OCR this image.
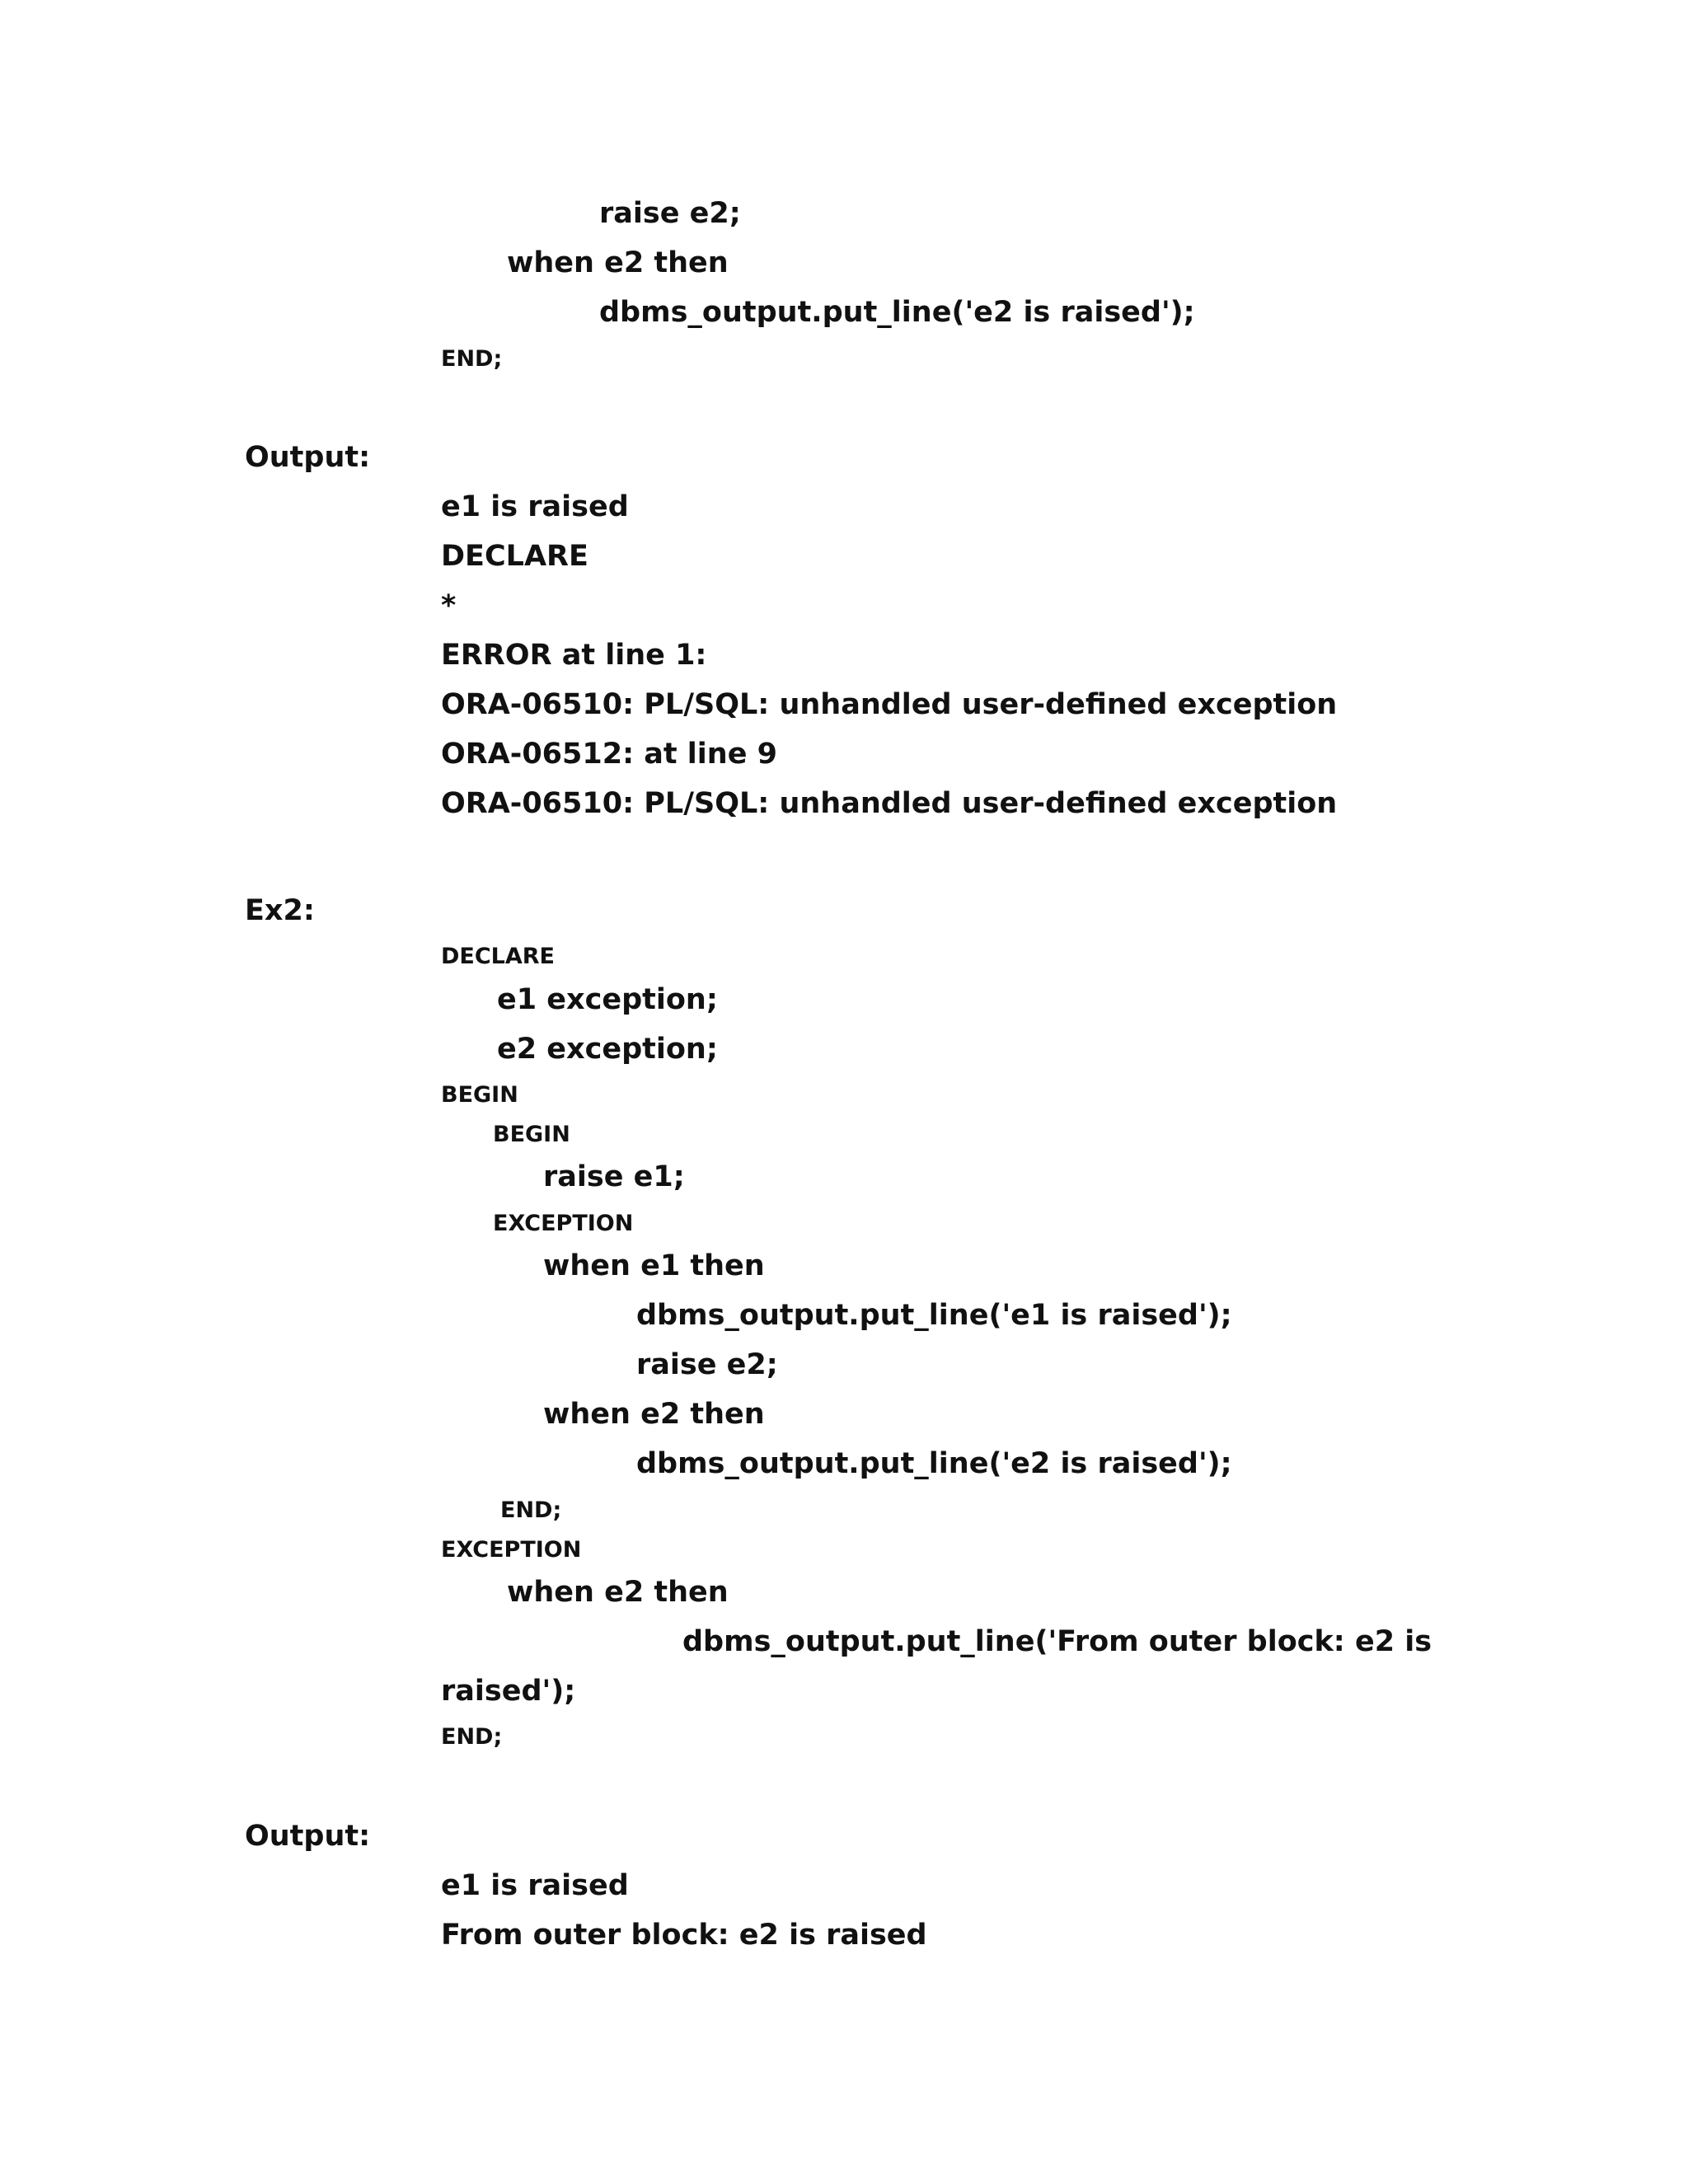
raise e2;
when e2 then
dbms_output.put_line('e2 is raised');
END;
Output:
e1 is raised
DECLARE
*
ERROR at line 1:
ORA-06510: PL/SQL: unhandled user-defined exception
ORA-06512: at line 9
ORA-06510: PL/SQL: unhandled user-defined exception
Ex2:
DECLARE
e1 exception;
e2 exception;
BEGIN
BEGIN
raise e1;
EXCEPTION
when e1 then
dbms_output.put_line('e1 is raised');
raise e2;
when e2 then
dbms_output.put_line('e2 is raised');
END;
EXCEPTION
when e2 then
dbms_output.put_line('From outer block: e2 is
raised');
END;
Output:
e1 is raised
From outer block: e2 is raised
